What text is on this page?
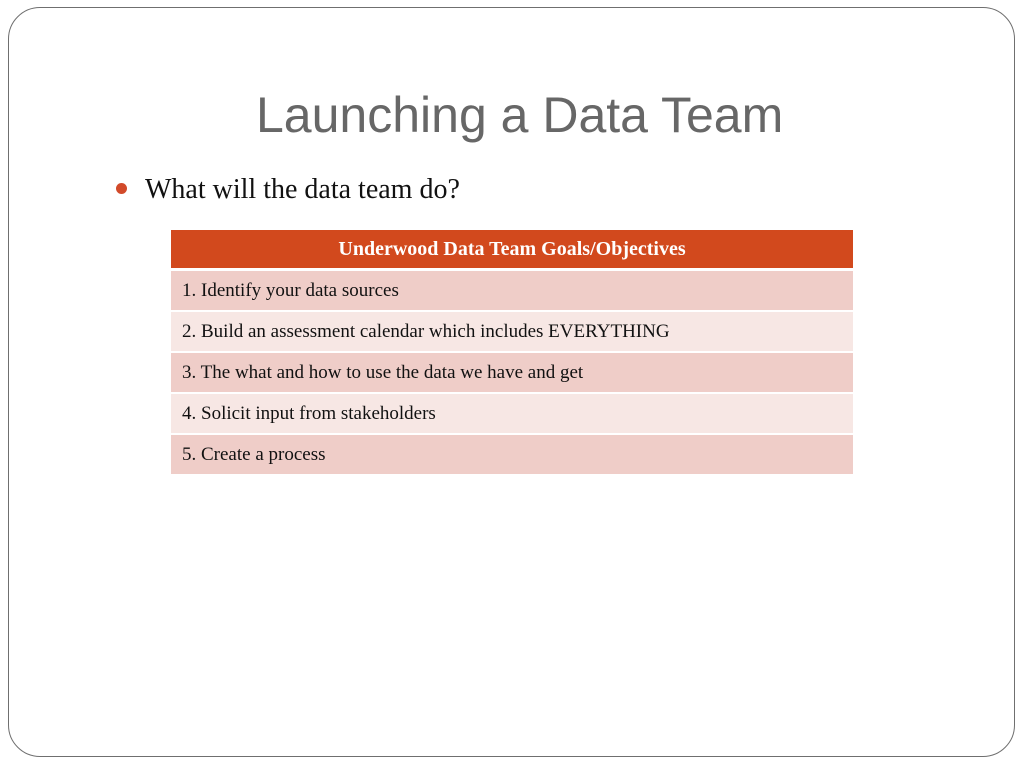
Launching a Data Team
What will the data team do?
Underwood Data Team Goals/Objectives
1. Identify your data sources
2. Build an assessment calendar which includes EVERYTHING
3. The what and how to use the data we have and get
4. Solicit input from stakeholders
5. Create a process
